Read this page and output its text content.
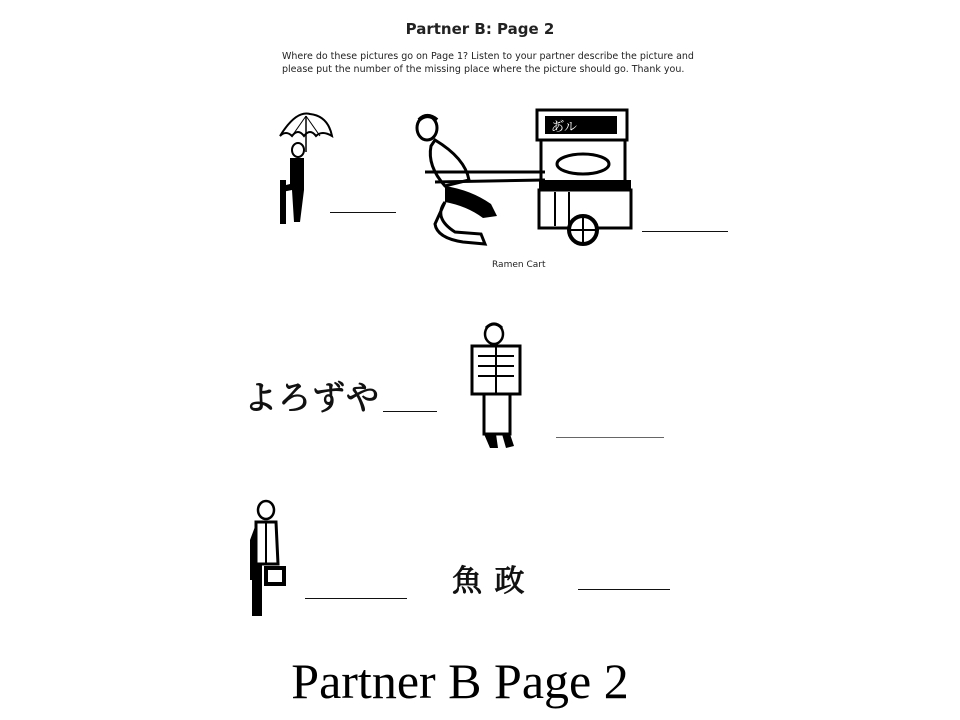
Partner B: Page 2
Where do these pictures go on Page 1? Listen to your partner describe the picture and
please put the number of the missing place where the picture should go. Thank you.
あ゙ル
Ramen Cart
よろずや
魚 政
Partner B Page 2
